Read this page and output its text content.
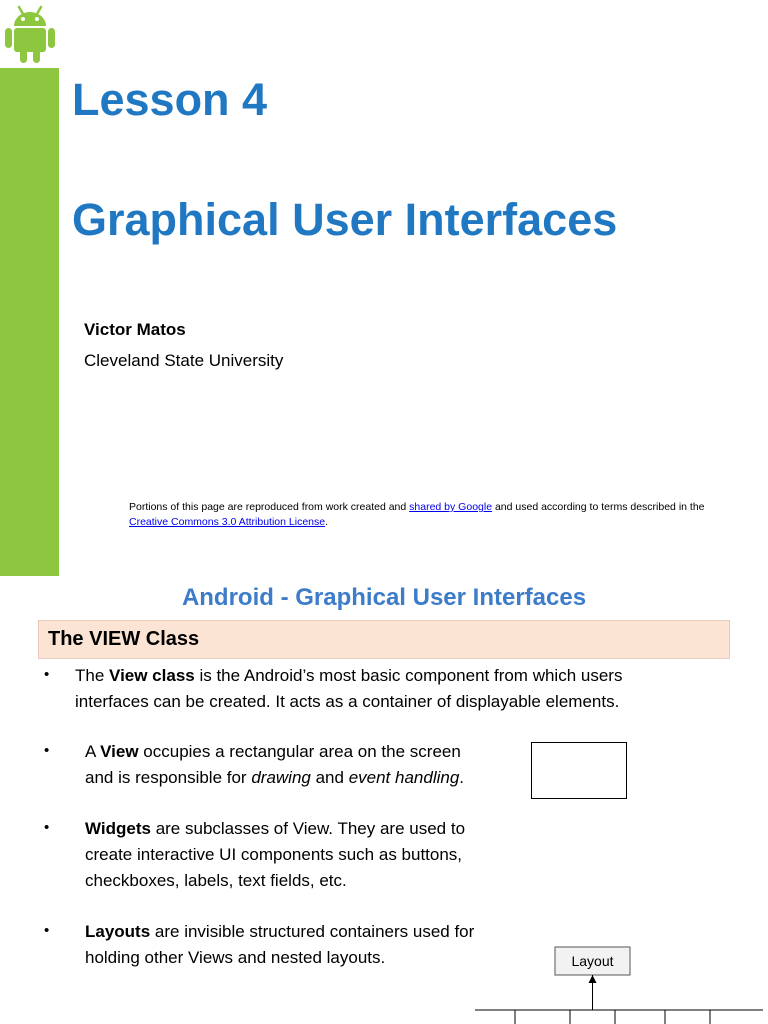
Lesson 4
Graphical User Interfaces
Victor Matos
Cleveland State University
Portions of this page are reproduced from work created and shared by Google and used according to terms described in the Creative Commons 3.0 Attribution License.
Android - Graphical User Interfaces
The VIEW Class
• The View class is the Android’s most basic component from which users
interfaces can be created. It acts as a container of displayable elements.
• A View occupies a rectangular area on the screen
and is responsible for drawing and event handling.
• Widgets are subclasses of View. They are used to
create interactive UI components such as buttons,
checkboxes, labels, text fields, etc.
• Layouts are invisible structured containers used for
holding other Views and nested layouts.	Layout
